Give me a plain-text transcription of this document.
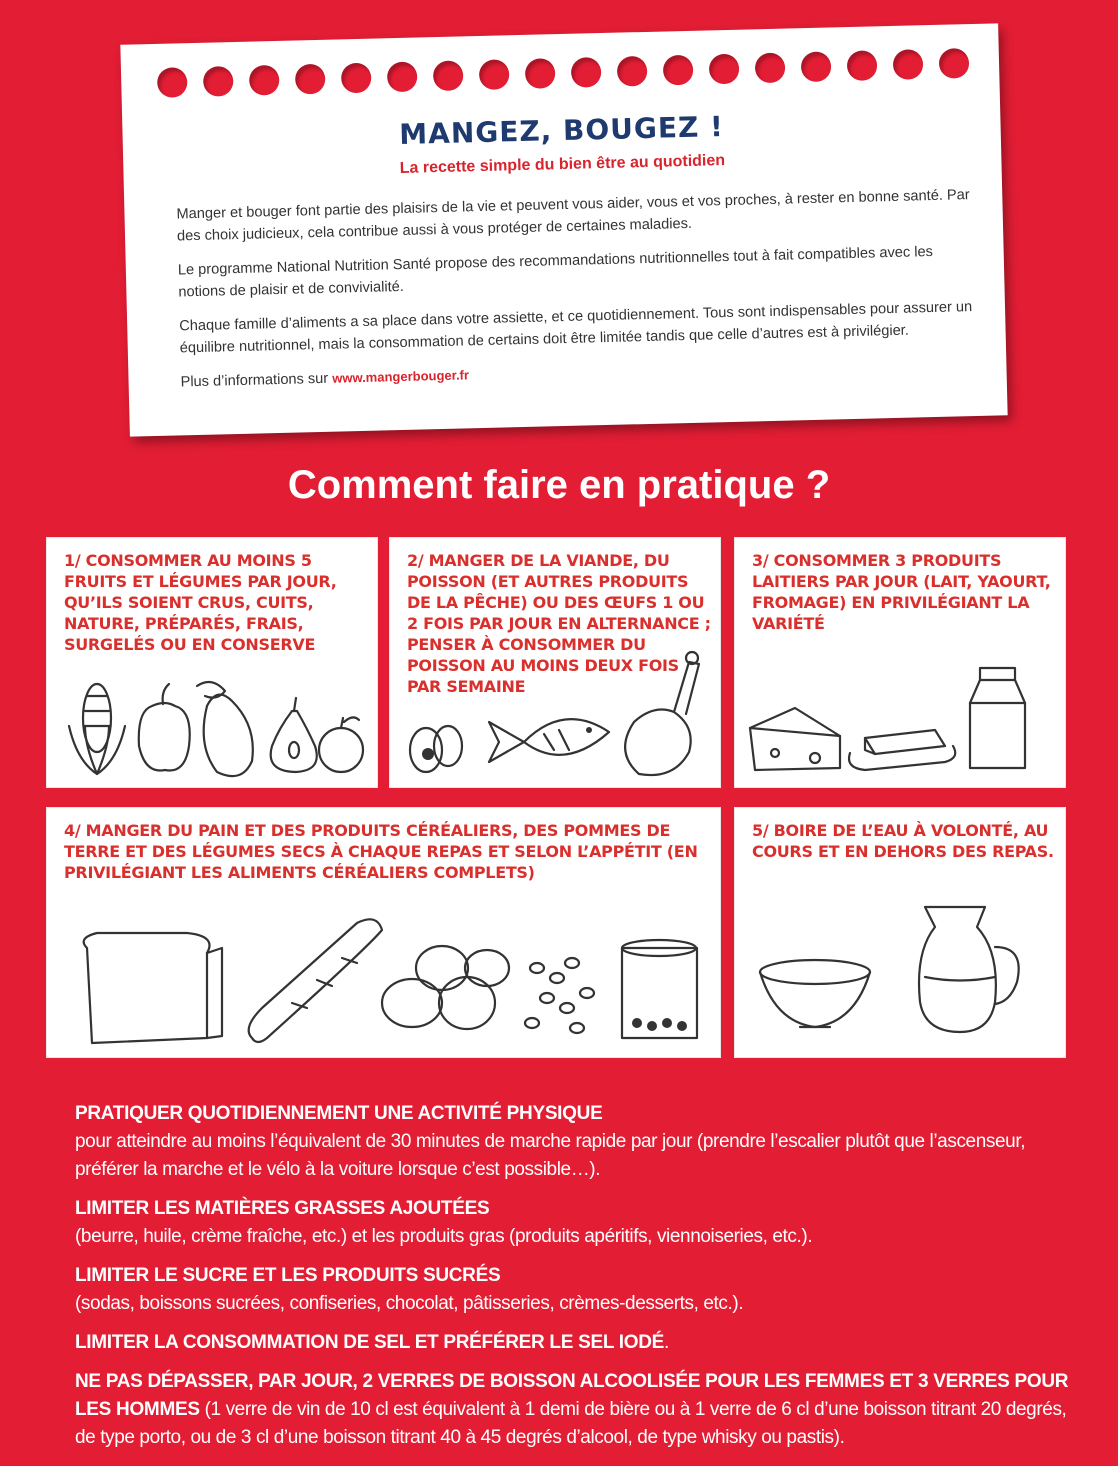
MANGEZ, BOUGEZ !
La recette simple du bien être au quotidien

Manger et bouger font partie des plaisirs de la vie et peuvent vous aider, vous et vos proches, à rester en bonne santé. Par des choix judicieux, cela contribue aussi à vous protéger de certaines maladies.

Le programme National Nutrition Santé propose des recommandations nutritionnelles tout à fait compatibles avec les notions de plaisir et de convivialité.

Chaque famille d’aliments a sa place dans votre assiette, et ce quotidiennement. Tous sont indispensables pour assurer un équilibre nutritionnel, mais la consommation de certains doit être limitée tandis que celle d’autres est à privilégier.

Plus d’informations sur www.mangerbouger.fr

Comment faire en pratique ?
1/ CONSOMMER AU MOINS 5 FRUITS ET LÉGUMES PAR JOUR, QU’ILS SOIENT CRUS, CUITS, NATURE, PRÉPARÉS, FRAIS, SURGELÉS OU EN CONSERVE
2/ MANGER DE LA VIANDE, DU POISSON (ET AUTRES PRODUITS DE LA PÊCHE) OU DES ŒUFS 1 OU 2 FOIS PAR JOUR EN ALTERNANCE ; PENSER À CONSOMMER DU POISSON AU MOINS DEUX FOIS PAR SEMAINE
3/ CONSOMMER 3 PRODUITS LAITIERS PAR JOUR (LAIT, YAOURT, FROMAGE) EN PRIVILÉGIANT LA VARIÉTÉ
4/ MANGER DU PAIN ET DES PRODUITS CÉRÉALIERS, DES POMMES DE TERRE ET DES LÉGUMES SECS À CHAQUE REPAS ET SELON L’APPÉTIT (EN PRIVILÉGIANT LES ALIMENTS CÉRÉALIERS COMPLETS)
5/ BOIRE DE L’EAU À VOLONTÉ, AU COURS ET EN DEHORS DES REPAS.
PRATIQUER QUOTIDIENNEMENT UNE ACTIVITÉ PHYSIQUE
pour atteindre au moins l’équivalent de 30 minutes de marche rapide par jour (prendre l’escalier plutôt que l’ascenseur, préférer la marche et le vélo à la voiture lorsque c’est possible…).
LIMITER LES MATIÈRES GRASSES AJOUTÉES
(beurre, huile, crème fraîche, etc.) et les produits gras (produits apéritifs, viennoiseries, etc.).
LIMITER LE SUCRE ET LES PRODUITS SUCRÉS
(sodas, boissons sucrées, confiseries, chocolat, pâtisseries, crèmes-desserts, etc.).
LIMITER LA CONSOMMATION DE SEL ET PRÉFÉRER LE SEL IODÉ.
NE PAS DÉPASSER, PAR JOUR, 2 VERRES DE BOISSON ALCOOLISÉE POUR LES FEMMES ET 3 VERRES POUR LES HOMMES (1 verre de vin de 10 cl est équivalent à 1 demi de bière ou à 1 verre de 6 cl d’une boisson titrant 20 degrés, de type porto, ou de 3 cl d’une boisson titrant 40 à 45 degrés d’alcool, de type whisky ou pastis).
